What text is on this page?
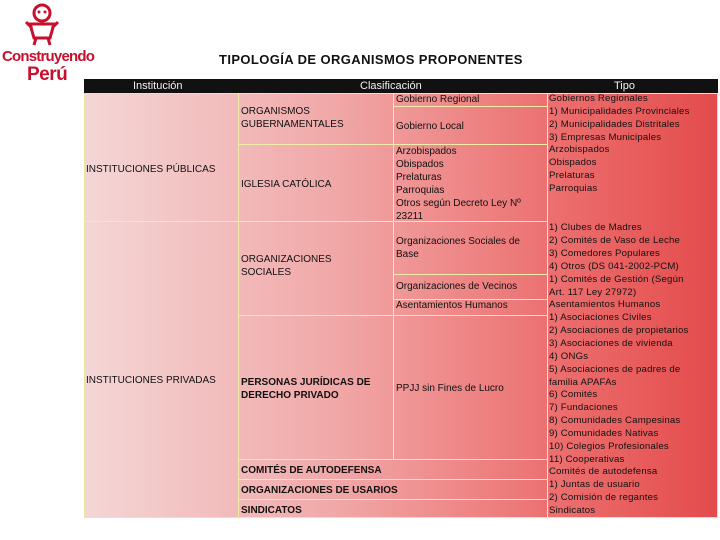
Construyendo
Perú
TIPOLOGÍA DE ORGANISMOS PROPONENTES
Institución	Clasificación	Tipo
INSTITUCIONES PÚBLICAS
INSTITUCIONES PRIVADAS
ORGANISMOS GUBERNAMENTALES
IGLESIA CATÓLICA
ORGANIZACIONES SOCIALES
PERSONAS JURÍDICAS DE DERECHO PRIVADO
COMITÉS DE AUTODEFENSA
ORGANIZACIONES DE USARIOS
SINDICATOS
Gobierno Regional
Gobierno Local
Arzobispados
Obispados
Prelaturas
Parroquias
Otros según Decreto Ley Nº 23211
Organizaciones Sociales de Base
Organizaciones de Vecinos
Asentamientos Humanos
PPJJ sin Fines de Lucro
Gobiernos Regionales
1) Municipalidades Provinciales
2) Municipalidades Distritales
3) Empresas Municipales
Arzobispados
Obispados
Prelaturas
Parroquias
1) Clubes de Madres
2) Comités de Vaso de Leche
3) Comedores Populares
4) Otros (DS 041-2002-PCM)
1) Comités de Gestión (Según
Art. 117 Ley 27972)
Asentamientos Humanos
1) Asociaciones Civiles
2) Asociaciones de propietarios
3) Asociaciones de vivienda
4) ONGs
5) Asociaciones de padres de
familia APAFAs
6) Comités
7) Fundaciones
8) Comunidades Campesinas
9) Comunidades Nativas
10) Colegios Profesionales
11) Cooperativas
Comités de autodefensa
1) Juntas de usuario
2) Comisión de regantes
Sindicatos
